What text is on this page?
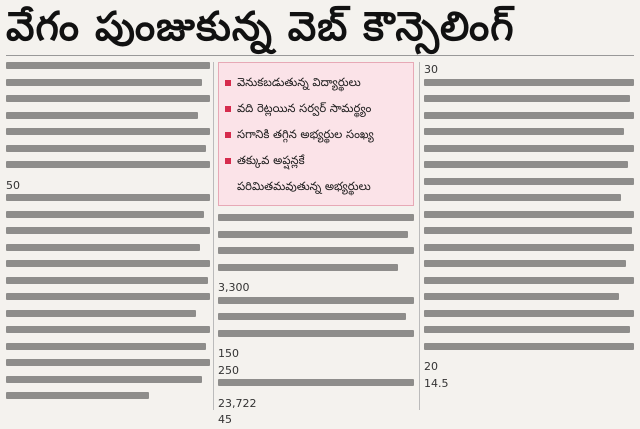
వేగం పుంజుకున్న వెబ్ కౌన్సెలింగ్
50
వెనుకబడుతున్న విద్యార్థులు
వది రెట్లయిన సర్వర్ సామర్థ్యం
సగానికి తగ్గిన అభ్యర్థుల సంఖ్య
తక్కువ అప్షన్లకే
పరిమితమవుతున్న అభ్యర్థులు
3,300
150
250
23,722
45
30
20
14.5
